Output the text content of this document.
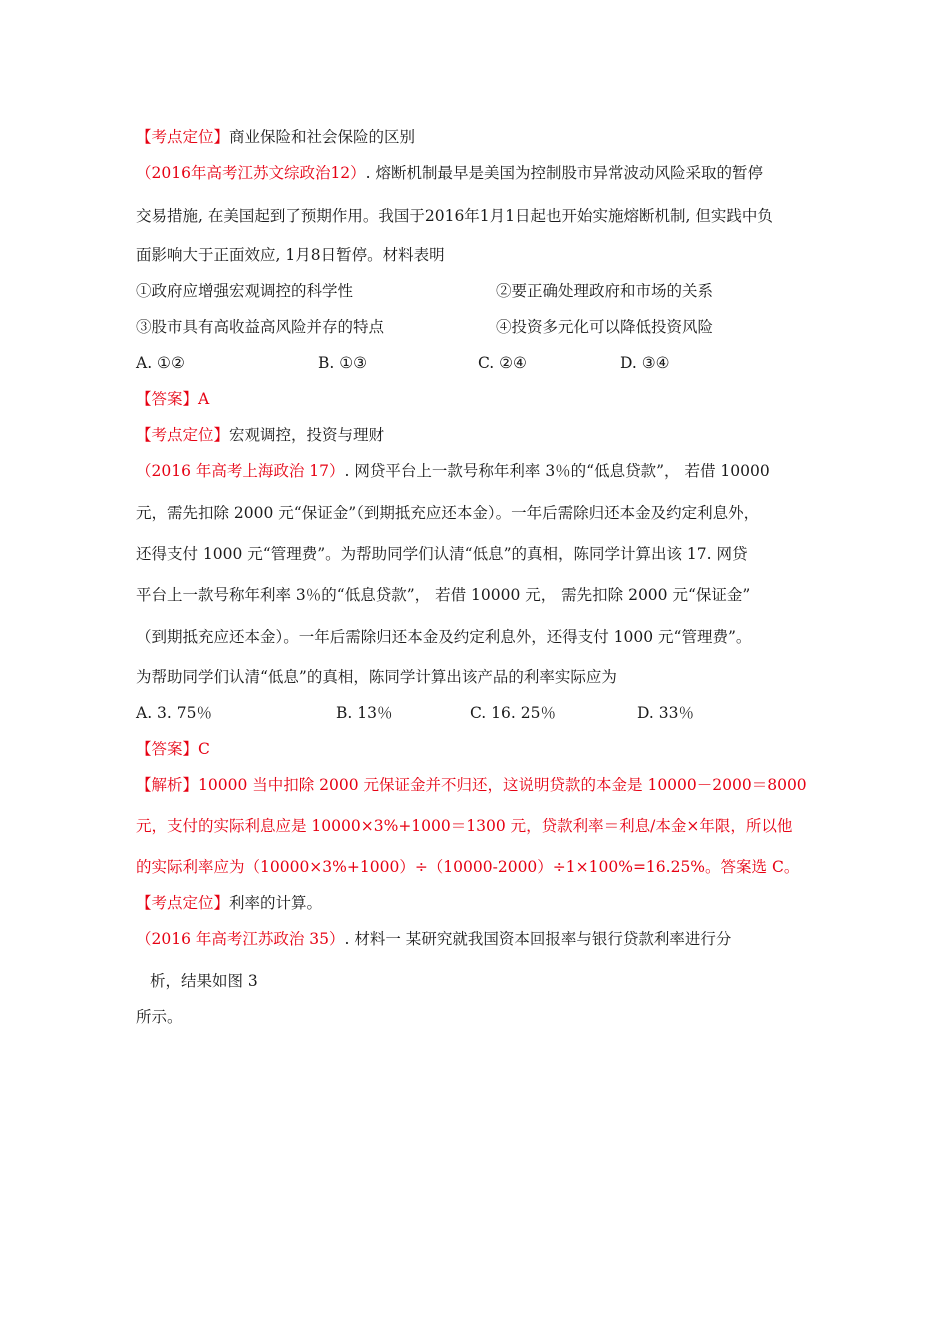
【考点定位】商业保险和社会保险的区别
（2016年高考江苏文综政治12）. 熔断机制最早是美国为控制股市异常波动风险采取的暂停
交易措施, 在美国起到了预期作用。我国于2016年1月1日起也开始实施熔断机制, 但实践中负
面影响大于正面效应, 1月8日暂停。材料表明
①政府应增强宏观调控的科学性	②要正确处理政府和市场的关系
③股市具有高收益高风险并存的特点	④投资多元化可以降低投资风险
A. ①②	B. ①③	C. ②④	D. ③④
【答案】A
【考点定位】宏观调控，投资与理财
（2016 年高考上海政治 17）. 网贷平台上一款号称年利率 3％的“低息贷款”， 若借 10000
元，需先扣除 2000 元“保证金”（到期抵充应还本金）。一年后需除归还本金及约定利息外，
还得支付 1000 元“管理费”。为帮助同学们认清“低息”的真相，陈同学计算出该 17. 网贷
平台上一款号称年利率 3％的“低息贷款”， 若借 10000 元， 需先扣除 2000 元“保证金”
（到期抵充应还本金）。一年后需除归还本金及约定利息外，还得支付 1000 元“管理费”。
为帮助同学们认清“低息”的真相，陈同学计算出该产品的利率实际应为
A. 3. 75％	B. 13％	C. 16. 25％	D. 33％
【答案】C
【解析】10000 当中扣除 2000 元保证金并不归还，这说明贷款的本金是 10000－2000＝8000
元，支付的实际利息应是 10000×3%+1000＝1300 元，贷款利率＝利息/本金×年限，所以他
的实际利率应为（10000×3%+1000）÷（10000-2000）÷1×100%=16.25%。答案选 C。
【考点定位】利率的计算。
（2016 年高考江苏政治 35）. 材料一 某研究就我国资本回报率与银行贷款利率进行分
析，结果如图 3
所示。
